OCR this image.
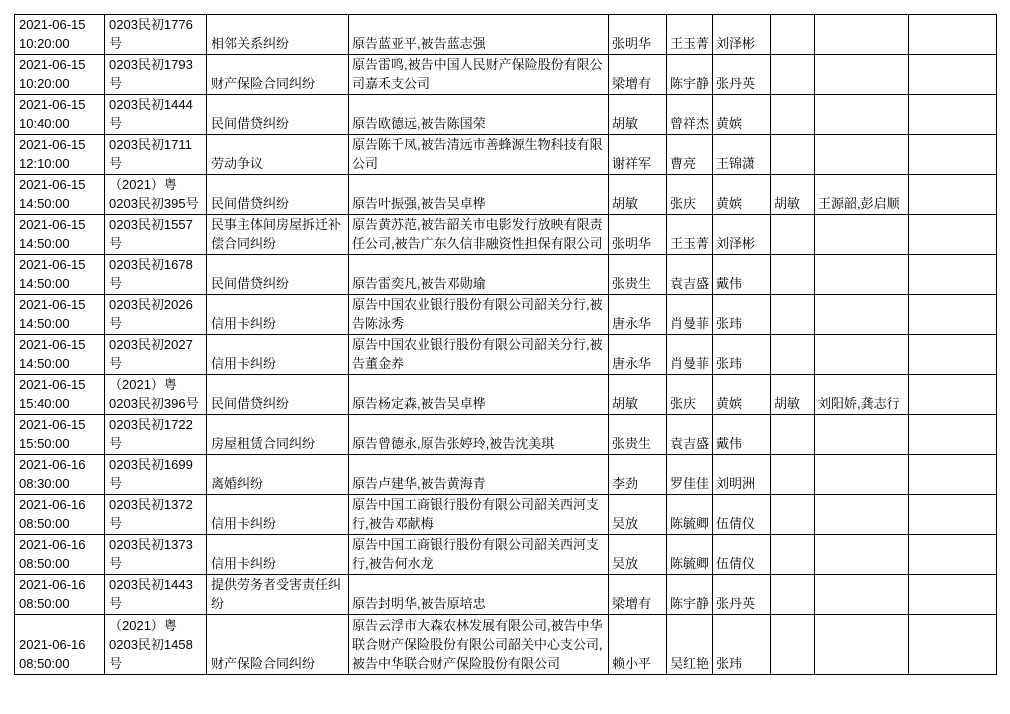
2021-06-15 10:20:00	0203民初1776号	相邻关系纠纷	原告蓝亚平,被告蓝志强	张明华	王玉菁	刘泽彬			
2021-06-15 10:20:00	0203民初1793号	财产保险合同纠纷	原告雷鸣,被告中国人民财产保险股份有限公司嘉禾支公司	梁增有	陈宇静	张丹英			
2021-06-15 10:40:00	0203民初1444号	民间借贷纠纷	原告欧德远,被告陈国荣	胡敏	曾祥杰	黄嫔			
2021-06-15 12:10:00	0203民初1711号	劳动争议	原告陈千凤,被告清远市善蜂源生物科技有限公司	谢祥军	曹亮	王锦潇			
2021-06-15 14:50:00	（2021）粤0203民初395号	民间借贷纠纷	原告叶振强,被告吴卓桦	胡敏	张庆	黄嫔	胡敏	王源韶,彭启顺	
2021-06-15 14:50:00	0203民初1557号	民事主体间房屋拆迁补偿合同纠纷	原告黄苏范,被告韶关市电影发行放映有限责任公司,被告广东久信非融资性担保有限公司	张明华	王玉菁	刘泽彬			
2021-06-15 14:50:00	0203民初1678号	民间借贷纠纷	原告雷奕凡,被告邓勋瑜	张贵生	袁吉盛	戴伟			
2021-06-15 14:50:00	0203民初2026号	信用卡纠纷	原告中国农业银行股份有限公司韶关分行,被告陈泳秀	唐永华	肖曼菲	张玮			
2021-06-15 14:50:00	0203民初2027号	信用卡纠纷	原告中国农业银行股份有限公司韶关分行,被告董金养	唐永华	肖曼菲	张玮			
2021-06-15 15:40:00	（2021）粤0203民初396号	民间借贷纠纷	原告杨定森,被告吴卓桦	胡敏	张庆	黄嫔	胡敏	刘阳娇,龚志行	
2021-06-15 15:50:00	0203民初1722号	房屋租赁合同纠纷	原告曾德永,原告张婷玲,被告沈美琪	张贵生	袁吉盛	戴伟			
2021-06-16 08:30:00	0203民初1699号	离婚纠纷	原告卢建华,被告黄海青	李劲	罗佳佳	刘明洲			
2021-06-16 08:50:00	0203民初1372号	信用卡纠纷	原告中国工商银行股份有限公司韶关西河支行,被告邓献梅	吴放	陈毓卿	伍倩仪			
2021-06-16 08:50:00	0203民初1373号	信用卡纠纷	原告中国工商银行股份有限公司韶关西河支行,被告何水龙	吴放	陈毓卿	伍倩仪			
2021-06-16 08:50:00	0203民初1443号	提供劳务者受害责任纠纷	原告封明华,被告原培忠	梁增有	陈宇静	张丹英			
2021-06-16 08:50:00	（2021）粤0203民初1458号	财产保险合同纠纷	原告云浮市大森农林发展有限公司,被告中华联合财产保险股份有限公司韶关中心支公司,被告中华联合财产保险股份有限公司	赖小平	吴红艳	张玮			
